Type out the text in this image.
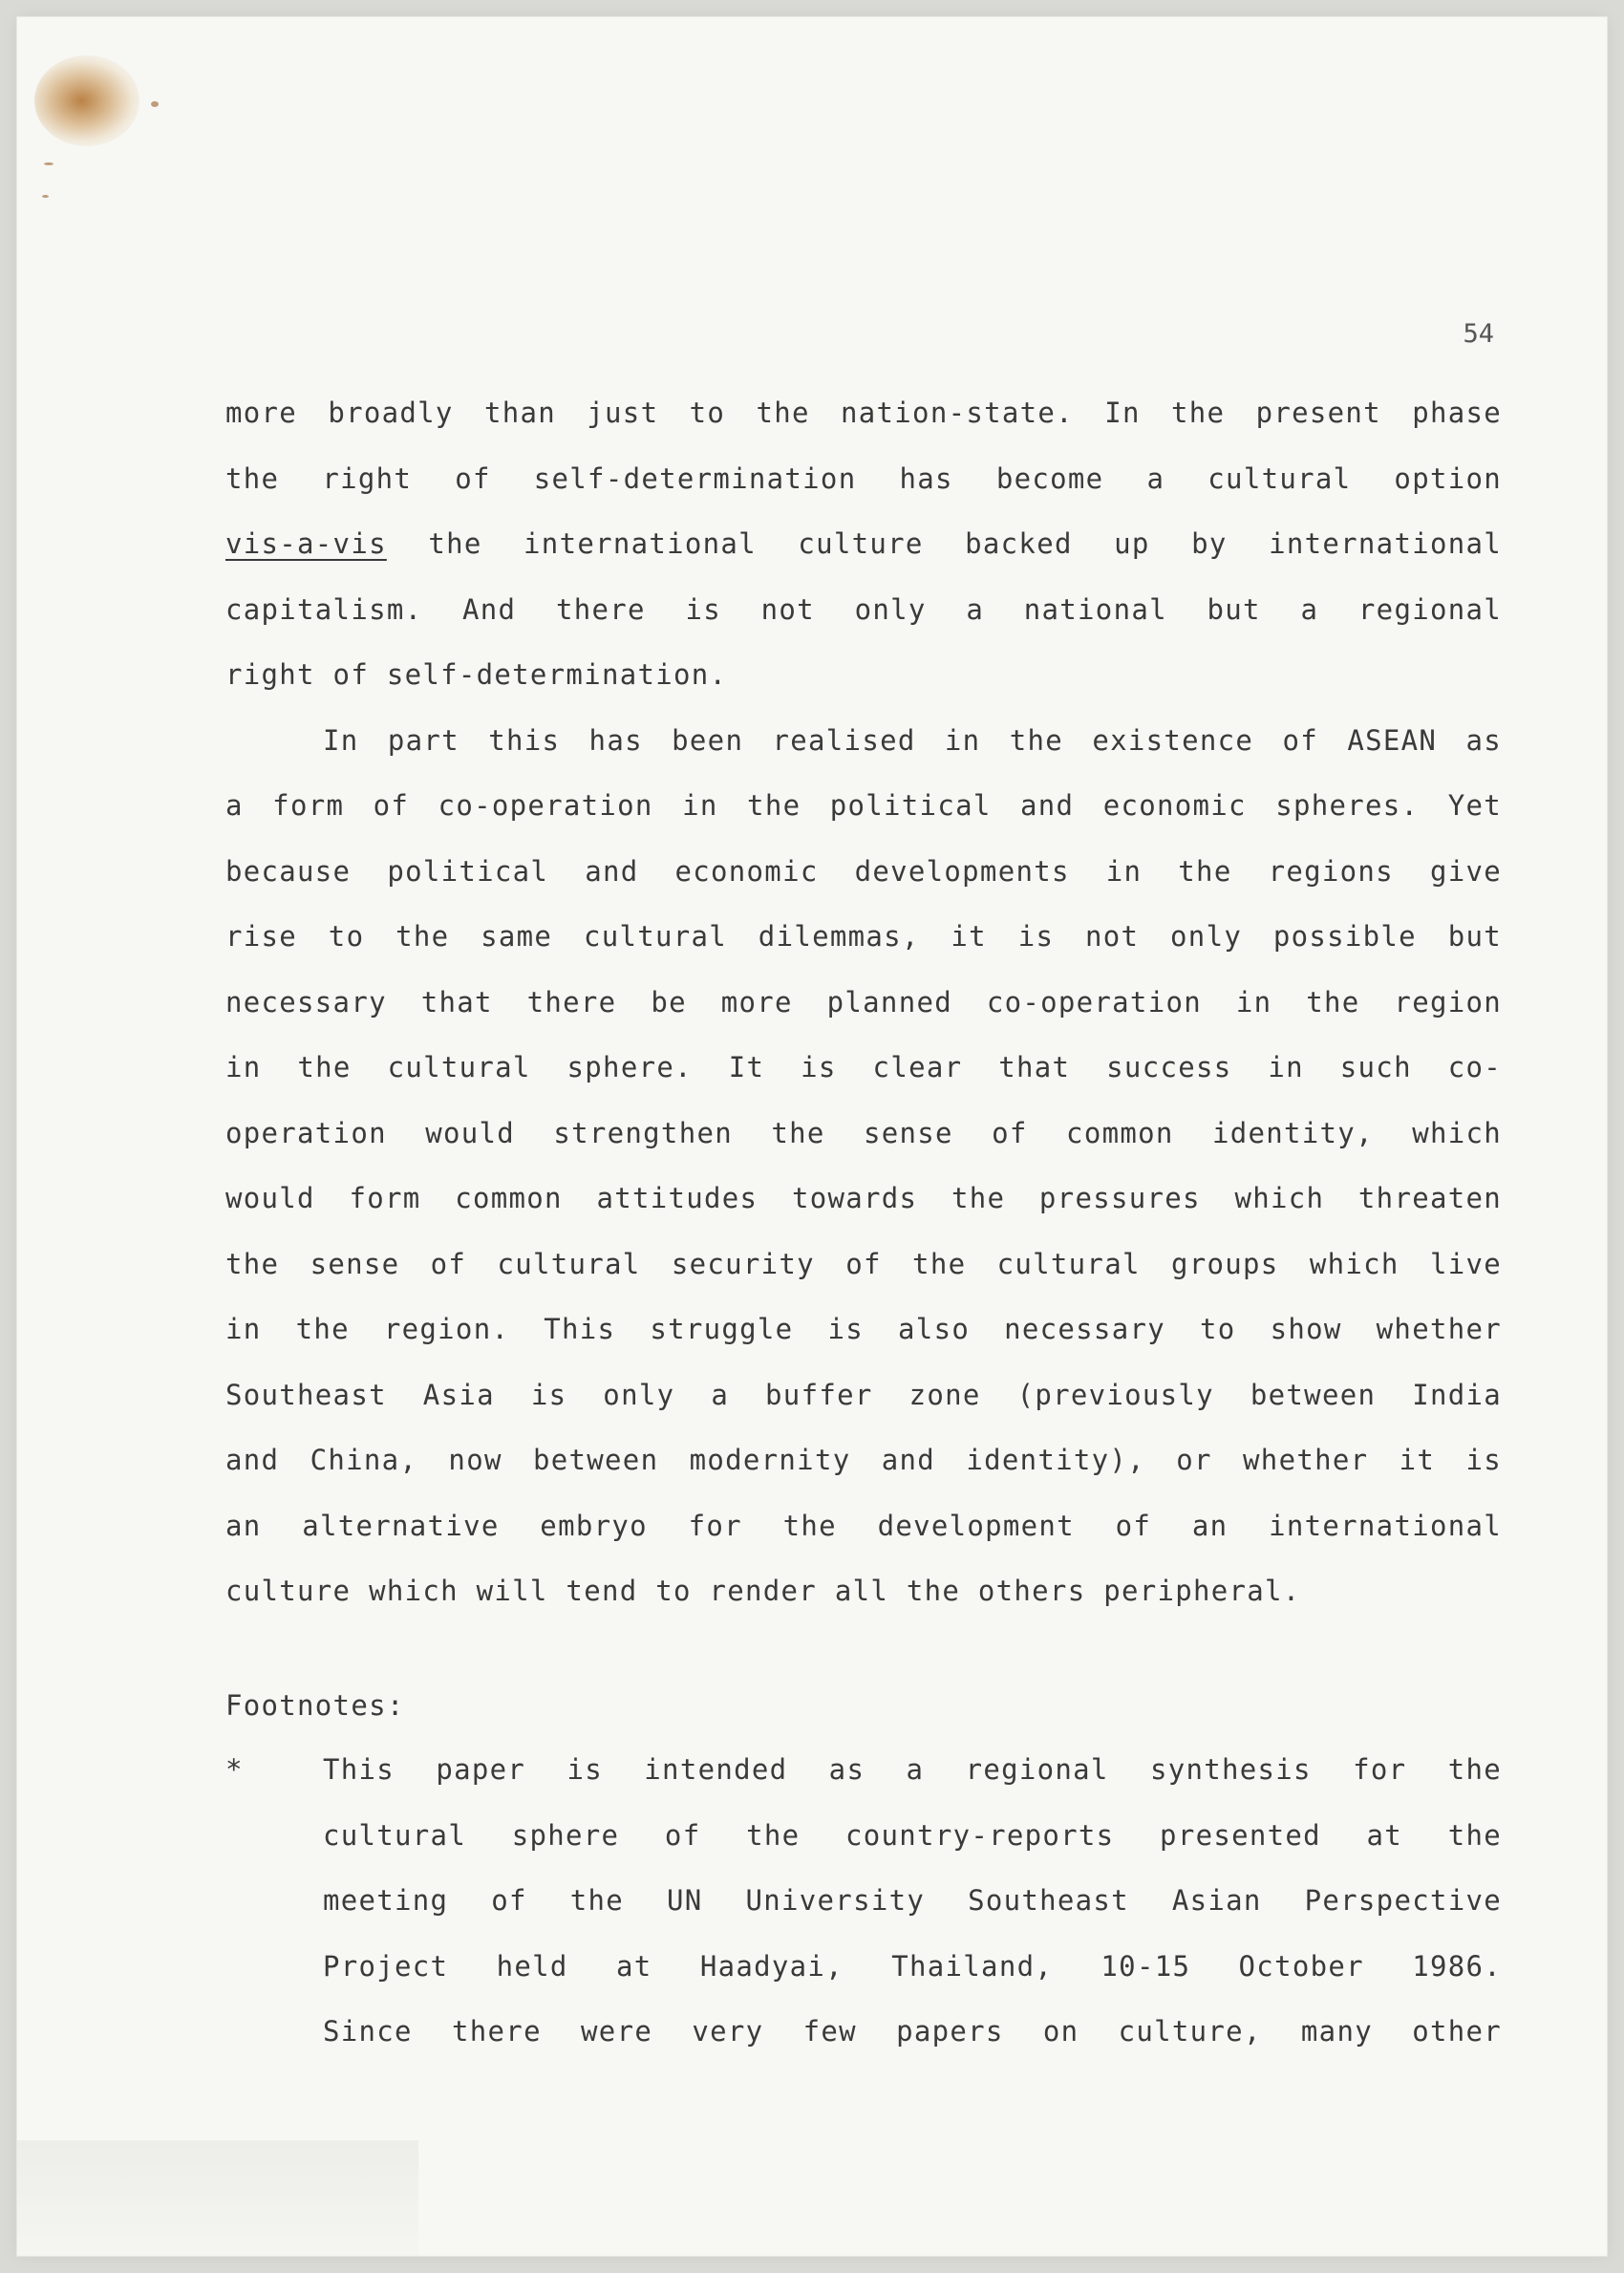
54
more broadly than just to the nation-state. In the present phase
the right of self-determination has become a cultural option
vis-a-vis the international culture backed up by international
capitalism. And there is not only a national but a regional
right of self-determination.
In part this has been realised in the existence of ASEAN as
a form of co-operation in the political and economic spheres. Yet
because political and economic developments in the regions give
rise to the same cultural dilemmas, it is not only possible but
necessary that there be more planned co-operation in the region
in the cultural sphere. It is clear that success in such co-
operation would strengthen the sense of common identity, which
would form common attitudes towards the pressures which threaten
the sense of cultural security of the cultural groups which live
in the region. This struggle is also necessary to show whether
Southeast Asia is only a buffer zone (previously between India
and China, now between modernity and identity), or whether it is
an alternative embryo for the development of an international
culture which will tend to render all the others peripheral.
Footnotes:
*	This paper is intended as a regional synthesis for the
cultural sphere of the country-reports presented at the
meeting of the UN University Southeast Asian Perspective
Project held at Haadyai, Thailand, 10-15 October 1986.
Since there were very few papers on culture, many other
